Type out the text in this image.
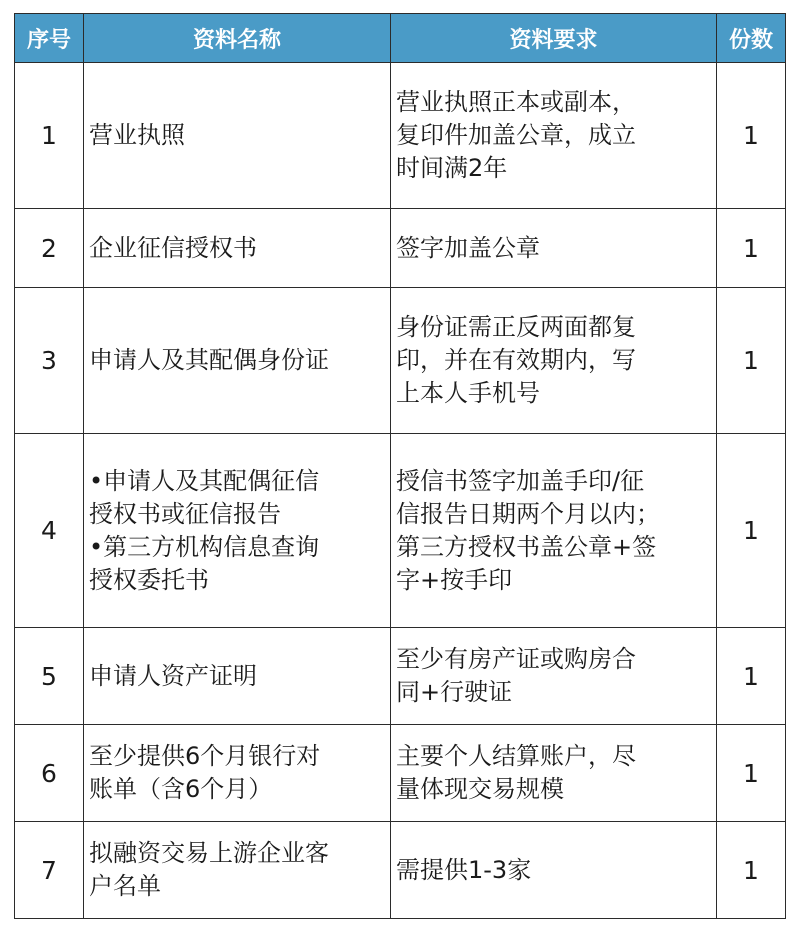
序号	资料名称	资料要求	份数
1	营业执照	营业执照正本或副本，
复印件加盖公章，成立
时间满2年	1
2	企业征信授权书	签字加盖公章	1
3	申请人及其配偶身份证	身份证需正反两面都复
印，并在有效期内，写
上本人手机号	1
4	•申请人及其配偶征信
授权书或征信报告
•第三方机构信息查询
授权委托书	授信书签字加盖手印/征
信报告日期两个月以内；
第三方授权书盖公章+签
字+按手印	1
5	申请人资产证明	至少有房产证或购房合
同+行驶证	1
6	至少提供6个月银行对
账单（含6个月）	主要个人结算账户，尽
量体现交易规模	1
7	拟融资交易上游企业客
户名单	需提供1-3家	1
